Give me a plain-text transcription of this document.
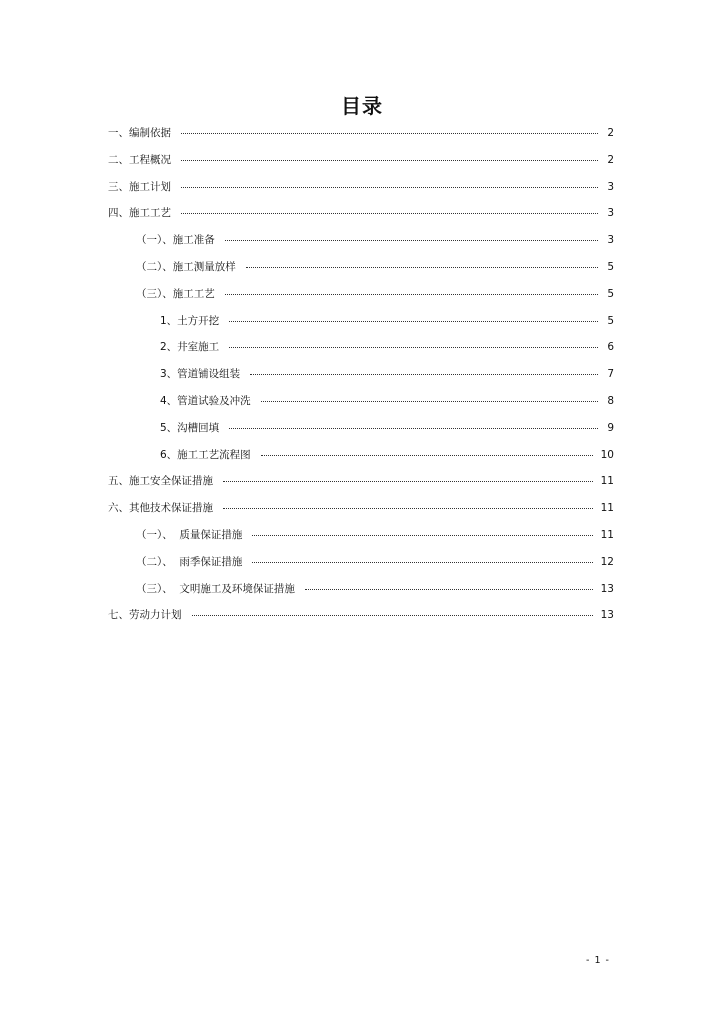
目录
一、编制依据	2
二、工程概况	2
三、施工计划	3
四、施工工艺	3
（一）、施工准备	3
（二）、施工测量放样	5
（三）、施工工艺	5
1、土方开挖	5
2、井室施工	6
3、管道铺设组装	7
4、管道试验及冲洗	8
5、沟槽回填	9
6、施工工艺流程图	10
五、施工安全保证措施	11
六、其他技术保证措施	11
（一）、  质量保证措施	11
（二）、  雨季保证措施	12
（三）、  文明施工及环境保证措施	13
七、劳动力计划	13
- 1 -
